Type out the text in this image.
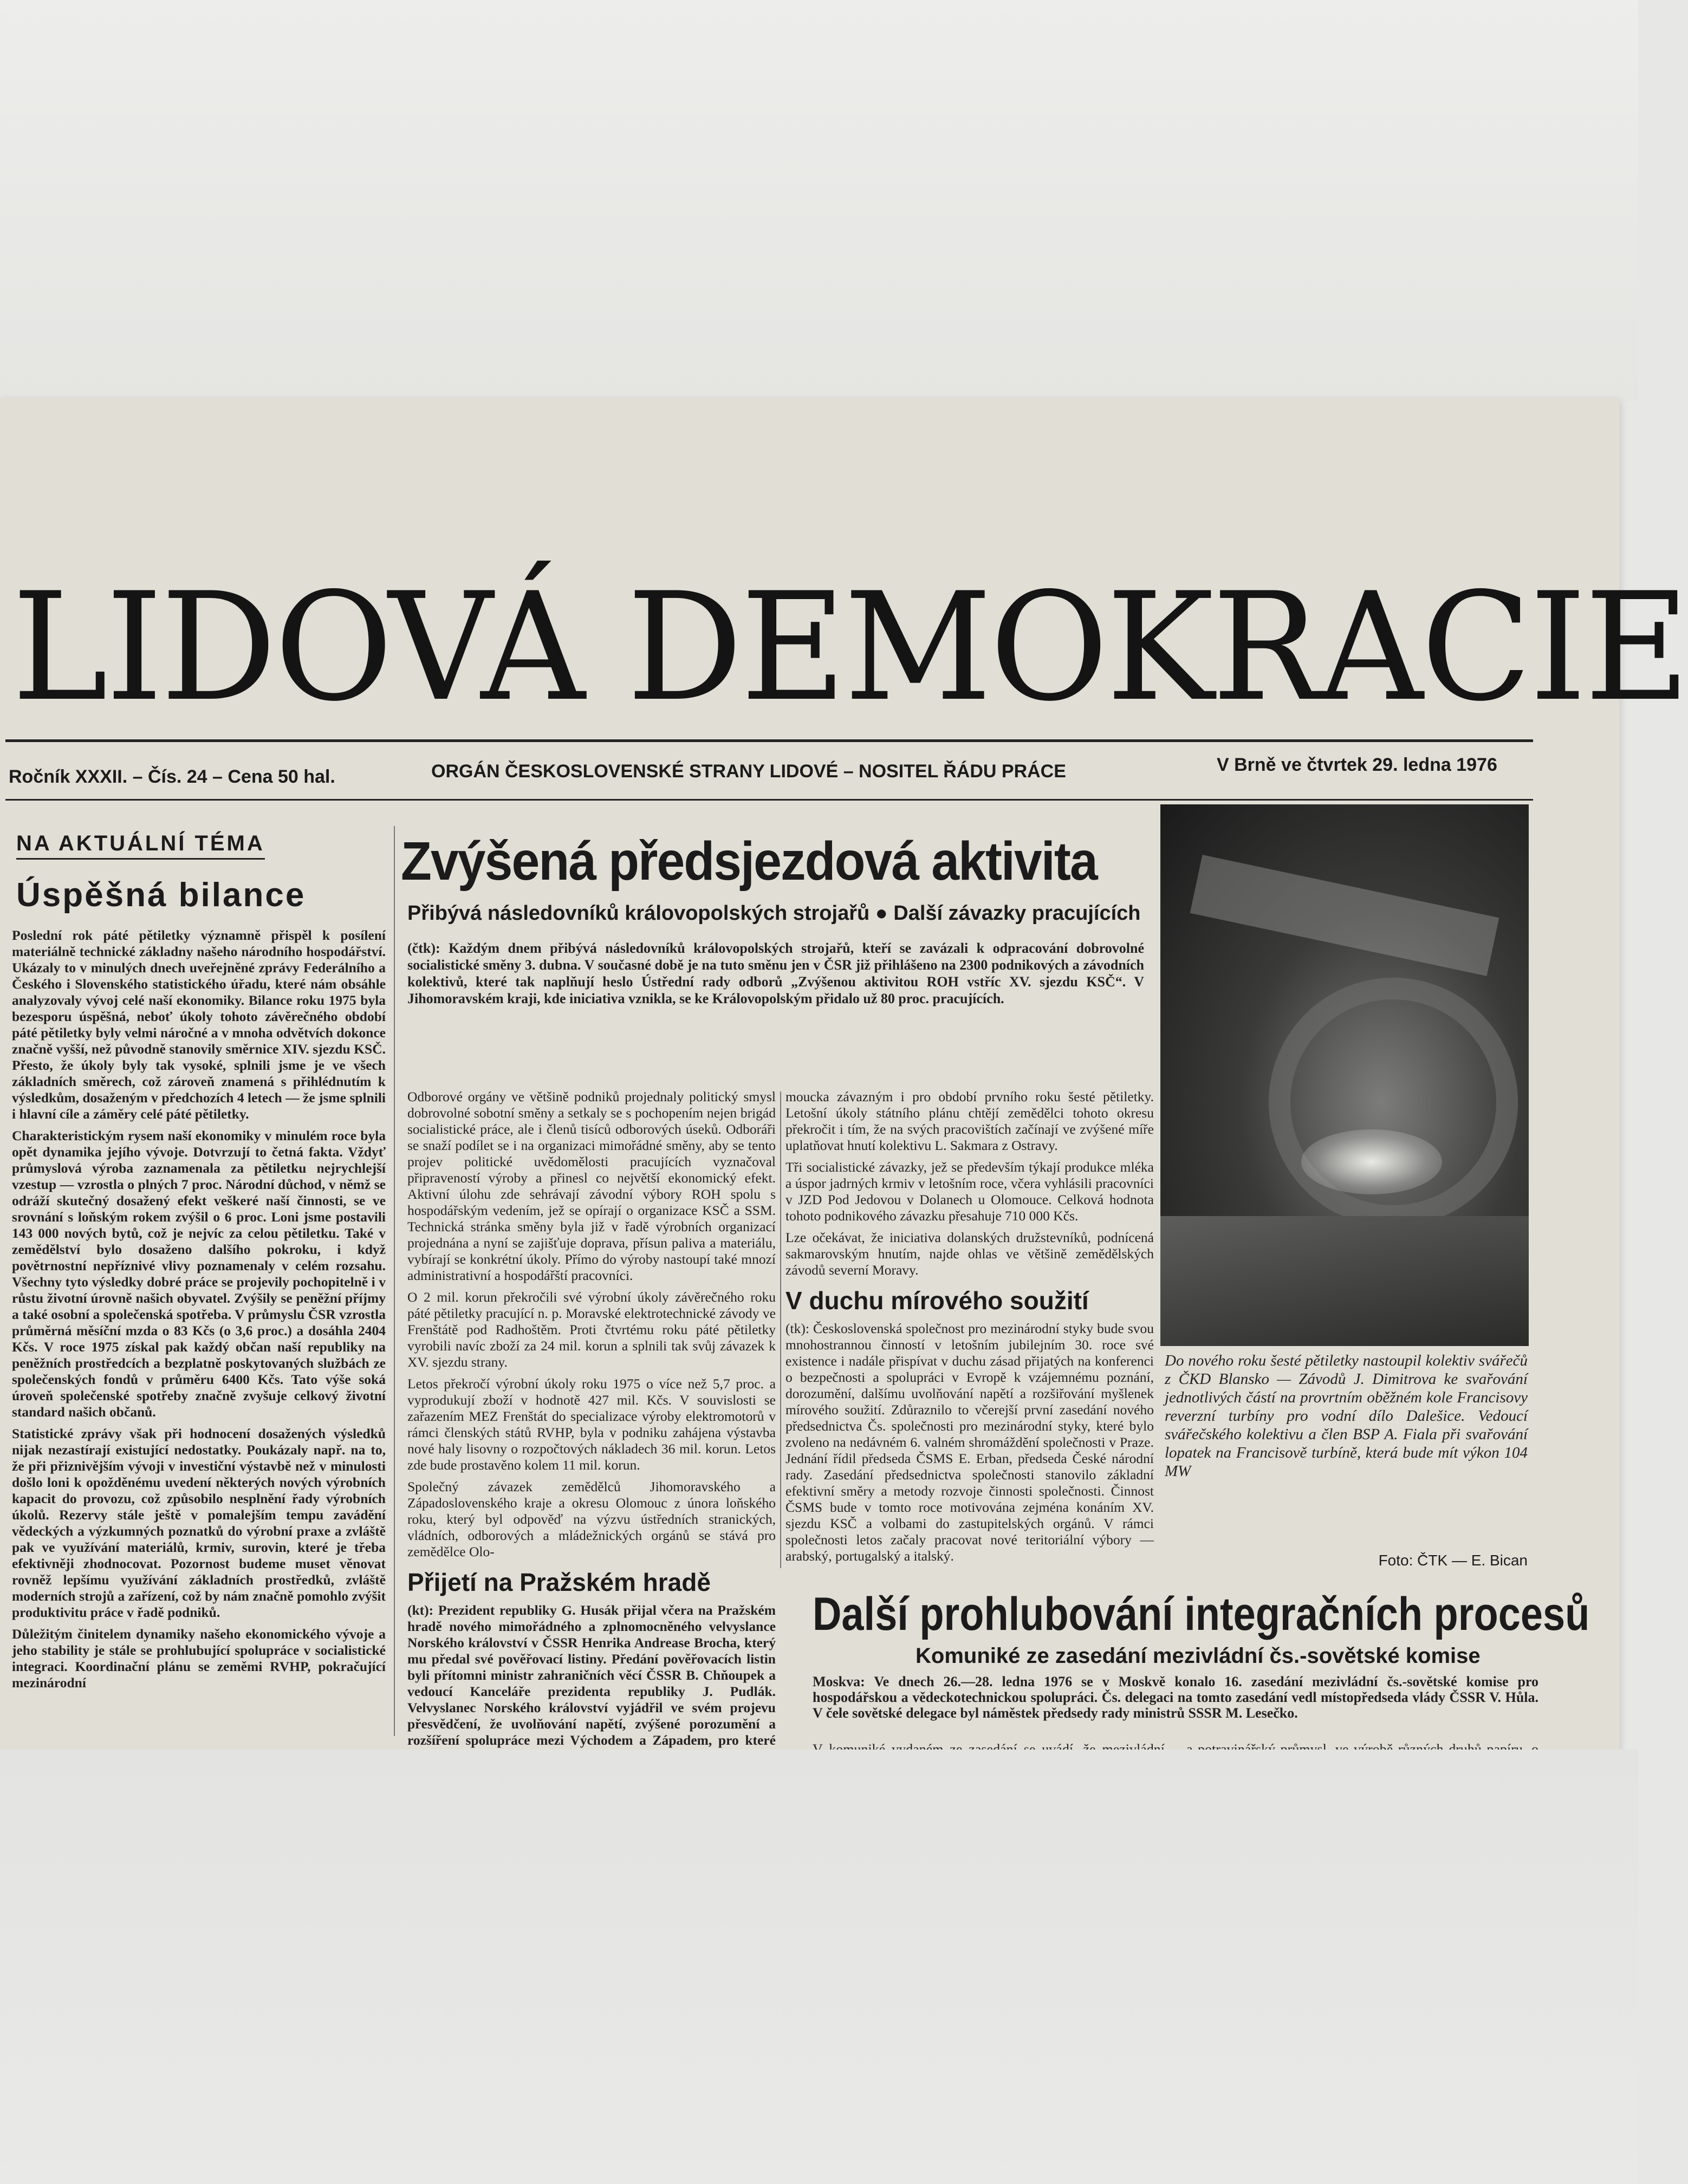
LIDOVÁ DEMOKRACIE
Ročník XXXII. – Čís. 24 – Cena 50 hal.	ORGÁN ČESKOSLOVENSKÉ STRANY LIDOVÉ – NOSITEL ŘÁDU PRÁCE	V Brně ve čtvrtek 29. ledna 1976
NA AKTUÁLNÍ TÉMA
Úspěšná bilance

Poslední rok páté pětiletky významně přispěl k posílení materiálně technické základny našeho národního hospodářství. Ukázaly to v minulých dnech uveřejněné zprávy Federálního a Českého i Slovenského statistického úřadu, které nám obsáhle analyzovaly vývoj celé naší ekonomiky. Bilance roku 1975 byla bezesporu úspěšná, neboť úkoly tohoto závěrečného období páté pětiletky byly velmi náročné a v mnoha odvětvích dokonce značně vyšší, než původně stanovily směrnice XIV. sjezdu KSČ. Přesto, že úkoly byly tak vysoké, splnili jsme je ve všech základních směrech, což zároveň znamená s přihlédnutím k výsledkům, dosaženým v předchozích 4 letech — že jsme splnili i hlavní cíle a záměry celé páté pětiletky.

Charakteristickým rysem naší ekonomiky v minulém roce byla opět dynamika jejího vývoje. Dotvrzují to četná fakta. Vždyť průmyslová výroba zaznamenala za pětiletku nejrychlejší vzestup — vzrostla o plných 7 proc. Národní důchod, v němž se odráží skutečný dosažený efekt veškeré naší činnosti, se ve srovnání s loňským rokem zvýšil o 6 proc. Loni jsme postavili 143 000 nových bytů, což je nejvíc za celou pětiletku. Také v zemědělství bylo dosaženo dalšího pokroku, i když povětrnostní nepříznivé vlivy poznamenaly v celém rozsahu. Všechny tyto výsledky dobré práce se projevily pochopitelně i v růstu životní úrovně našich obyvatel. Zvýšily se peněžní příjmy a také osobní a společenská spotřeba. V průmyslu ČSR vzrostla průměrná měsíční mzda o 83 Kčs (o 3,6 proc.) a dosáhla 2404 Kčs. V roce 1975 získal pak každý občan naší republiky na peněžních prostředcích a bezplatně poskytovaných službách ze společenských fondů v průměru 6400 Kčs. Tato výše soká úroveň společenské spotřeby značně zvyšuje celkový životní standard našich občanů.

Statistické zprávy však při hodnocení dosažených výsledků nijak nezastírají existující nedostatky. Poukázaly např. na to, že při přiznivějším vývoji v investiční výstavbě než v minulosti došlo loni k opožděnému uvedení některých nových výrobních kapacit do provozu, což způsobilo nesplnění řady výrobních úkolů. Rezervy stále ještě v pomalejším tempu zavádění vědeckých a výzkumných poznatků do výrobní praxe a zvláště pak ve využívání materiálů, krmiv, surovin, které je třeba efektivněji zhodnocovat. Pozornost budeme muset věnovat rovněž lepšímu využívání základních prostředků, zvláště moderních strojů a zařízení, což by nám značně pomohlo zvýšit produktivitu práce v řadě podniků.

Důležitým činitelem dynamiky našeho ekonomického vývoje a jeho stability je stále se prohlubující spolupráce v socialistické integraci. Koordinační plánu se zeměmi RVHP, pokračující mezinárodní

Zvýšená předsjezdová aktivita
Přibývá následovníků královopolských strojařů ● Další závazky pracujících

(čtk): Každým dnem přibývá následovníků královopolských strojařů, kteří se zavázali k odpracování dobrovolné socialistické směny 3. dubna. V současné době je na tuto směnu jen v ČSR již přihlášeno na 2300 podnikových a závodních kolektivů, které tak naplňují heslo Ústřední rady odborů „Zvýšenou aktivitou ROH vstříc XV. sjezdu KSČ“. V Jihomoravském kraji, kde iniciativa vznikla, se ke Královopolským přidalo už 80 proc. pracujících.

Odborové orgány ve většině podniků projednaly politický smysl dobrovolné sobotní směny a setkaly se s pochopením nejen brigád socialistické práce, ale i členů tisíců odborových úseků. Odboráři se snaží podílet se i na organizaci mimořádné směny, aby se tento projev politické uvědomělosti pracujících vyznačoval připraveností výroby a přinesl co největší ekonomický efekt. Aktivní úlohu zde sehrávají závodní výbory ROH spolu s hospodářským vedením, jež se opírají o organizace KSČ a SSM. Technická stránka směny byla již v řadě výrobních organizací projednána a nyní se zajišťuje doprava, přísun paliva a materiálu, vybírají se konkrétní úkoly. Přímo do výroby nastoupí také mnozí administrativní a hospodářští pracovníci.

O 2 mil. korun překročili své výrobní úkoly závěrečného roku páté pětiletky pracující n. p. Moravské elektrotechnické závody ve Frenštátě pod Radhoštěm. Proti čtvrtému roku páté pětiletky vyrobili navíc zboží za 24 mil. korun a splnili tak svůj závazek k XV. sjezdu strany.

Letos překročí výrobní úkoly roku 1975 o více než 5,7 proc. a vyprodukují zboží v hodnotě 427 mil. Kčs. V souvislosti se zařazením MEZ Frenštát do specializace výroby elektromotorů v rámci členských států RVHP, byla v podniku zahájena výstavba nové haly lisovny o rozpočtových nákladech 36 mil. korun. Letos zde bude prostavěno kolem 11 mil. korun.

Společný závazek zemědělců Jihomoravského a Západoslovenského kraje a okresu Olomouc z února loňského roku, který byl odpověď na výzvu ústředních stranických, vládních, odborových a mládežnických orgánů se stává pro zemědělce Olo-

Přijetí na Pražském hradě

(kt): Prezident republiky G. Husák přijal včera na Pražském hradě nového mimořádného a zplnomocněného velvyslance Norského království v ČSSR Henrika Andrease Brocha, který mu předal své pověřovací listiny. Předání pověřovacích listin byli přítomni ministr zahraničních věcí ČSSR B. Chňoupek a vedoucí Kanceláře prezidenta republiky J. Pudlák. Velvyslanec Norského království vyjádřil ve svém projevu přesvědčení, že uvolňování napětí, zvýšené porozumění a rozšíření spolupráce mezi Východem a Západem, pro které

moucka závazným i pro období prvního roku šesté pětiletky. Letošní úkoly státního plánu chtějí zemědělci tohoto okresu překročit i tím, že na svých pracovištích začínají ve zvýšené míře uplatňovat hnutí kolektivu L. Sakmara z Ostravy.

Tři socialistické závazky, jež se především týkají produkce mléka a úspor jadrných krmiv v letošním roce, včera vyhlásili pracovníci v JZD Pod Jedovou v Dolanech u Olomouce. Celková hodnota tohoto podnikového závazku přesahuje 710 000 Kčs.

Lze očekávat, že iniciativa dolanských družstevníků, podnícená sakmarovským hnutím, najde ohlas ve většině zemědělských závodů severní Moravy.

V duchu mírového soužití

(tk): Československá společnost pro mezinárodní styky bude svou mnohostrannou činností v letošním jubilejním 30. roce své existence i nadále přispívat v duchu zásad přijatých na konferenci o bezpečnosti a spolupráci v Evropě k vzájemnému poznání, dorozumění, dalšímu uvolňování napětí a rozšiřování myšlenek mírového soužití. Zdůraznilo to včerejší první zasedání nového předsednictva Čs. společnosti pro mezinárodní styky, které bylo zvoleno na nedávném 6. valném shromáždění společnosti v Praze. Jednání řídil předseda ČSMS E. Erban, předseda České národní rady. Zasedání předsednictva společnosti stanovilo základní efektivní směry a metody rozvoje činnosti společnosti. Činnost ČSMS bude v tomto roce motivována zejména konáním XV. sjezdu KSČ a volbami do zastupitelských orgánů. V rámci společnosti letos začaly pracovat nové teritoriální výbory — arabský, portugalský a italský.

Do nového roku šesté pětiletky nastoupil kolektiv svářečů z ČKD Blansko — Závodů J. Dimitrova ke svařování jednotlivých částí na provrtním oběžném kole Francisovy reverzní turbíny pro vodní dílo Dalešice. Vedoucí svářečského kolektivu a člen BSP A. Fiala při svařování lopatek na Francisově turbíně, která bude mít výkon 104 MW
Foto: ČTK — E. Bican
Další prohlubování integračních procesů
Komuniké ze zasedání mezivládní čs.-sovětské komise

Moskva: Ve dnech 26.—28. ledna 1976 se v Moskvě konalo 16. zasedání mezivládní čs.-sovětské komise pro hospodářskou a vědeckotechnickou spolupráci. Čs. delegaci na tomto zasedání vedl místopředseda vlády ČSSR V. Hůla. V čele sovětské delegace byl náměstek předsedy rady ministrů SSSR M. Lesečko.
